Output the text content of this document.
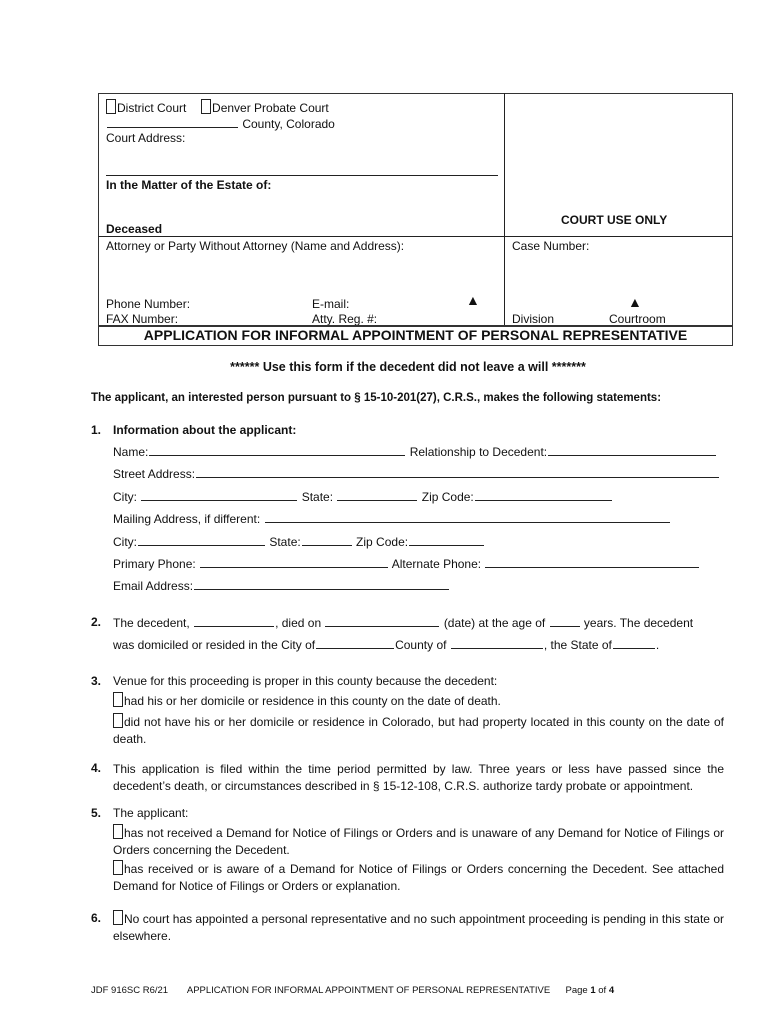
District Court Denver Probate Court
County, Colorado
Court Address:
In the Matter of the Estate of:
Deceased
Attorney or Party Without Attorney (Name and Address):
Phone Number:	E-mail:
FAX Number:	Atty. Reg. #:
▲
COURT USE ONLY
Case Number:
▲
Division	Courtroom
APPLICATION FOR INFORMAL APPOINTMENT OF PERSONAL REPRESENTATIVE
****** Use this form if the decedent did not leave a will *******
The applicant, an interested person pursuant to § 15-10-201(27), C.R.S., makes the following statements:
1. Information about the applicant:
Name:	Relationship to Decedent:
Street Address:
City:	State:	Zip Code:
Mailing Address, if different:
City:	State:	Zip Code:
Primary Phone:	Alternate Phone:
Email Address:
2. The decedent,	, died on	(date) at the age of	years. The decedent
was domiciled or resided in the City of	County of	, the State of	.
3. Venue for this proceeding is proper in this county because the decedent:
had his or her domicile or residence in this county on the date of death.
did not have his or her domicile or residence in Colorado, but had property located in this county on the date of death.
4. This application is filed within the time period permitted by law. Three years or less have passed since the decedent’s death, or circumstances described in § 15-12-108, C.R.S. authorize tardy probate or appointment.
5. The applicant:
has not received a Demand for Notice of Filings or Orders and is unaware of any Demand for Notice of Filings or Orders concerning the Decedent.
has received or is aware of a Demand for Notice of Filings or Orders concerning the Decedent. See attached Demand for Notice of Filings or Orders or explanation.
6.	No court has appointed a personal representative and no such appointment proceeding is pending in this state or elsewhere.
JDF 916SC R6/21 APPLICATION FOR INFORMAL APPOINTMENT OF PERSONAL REPRESENTATIVE Page 1 of 4
